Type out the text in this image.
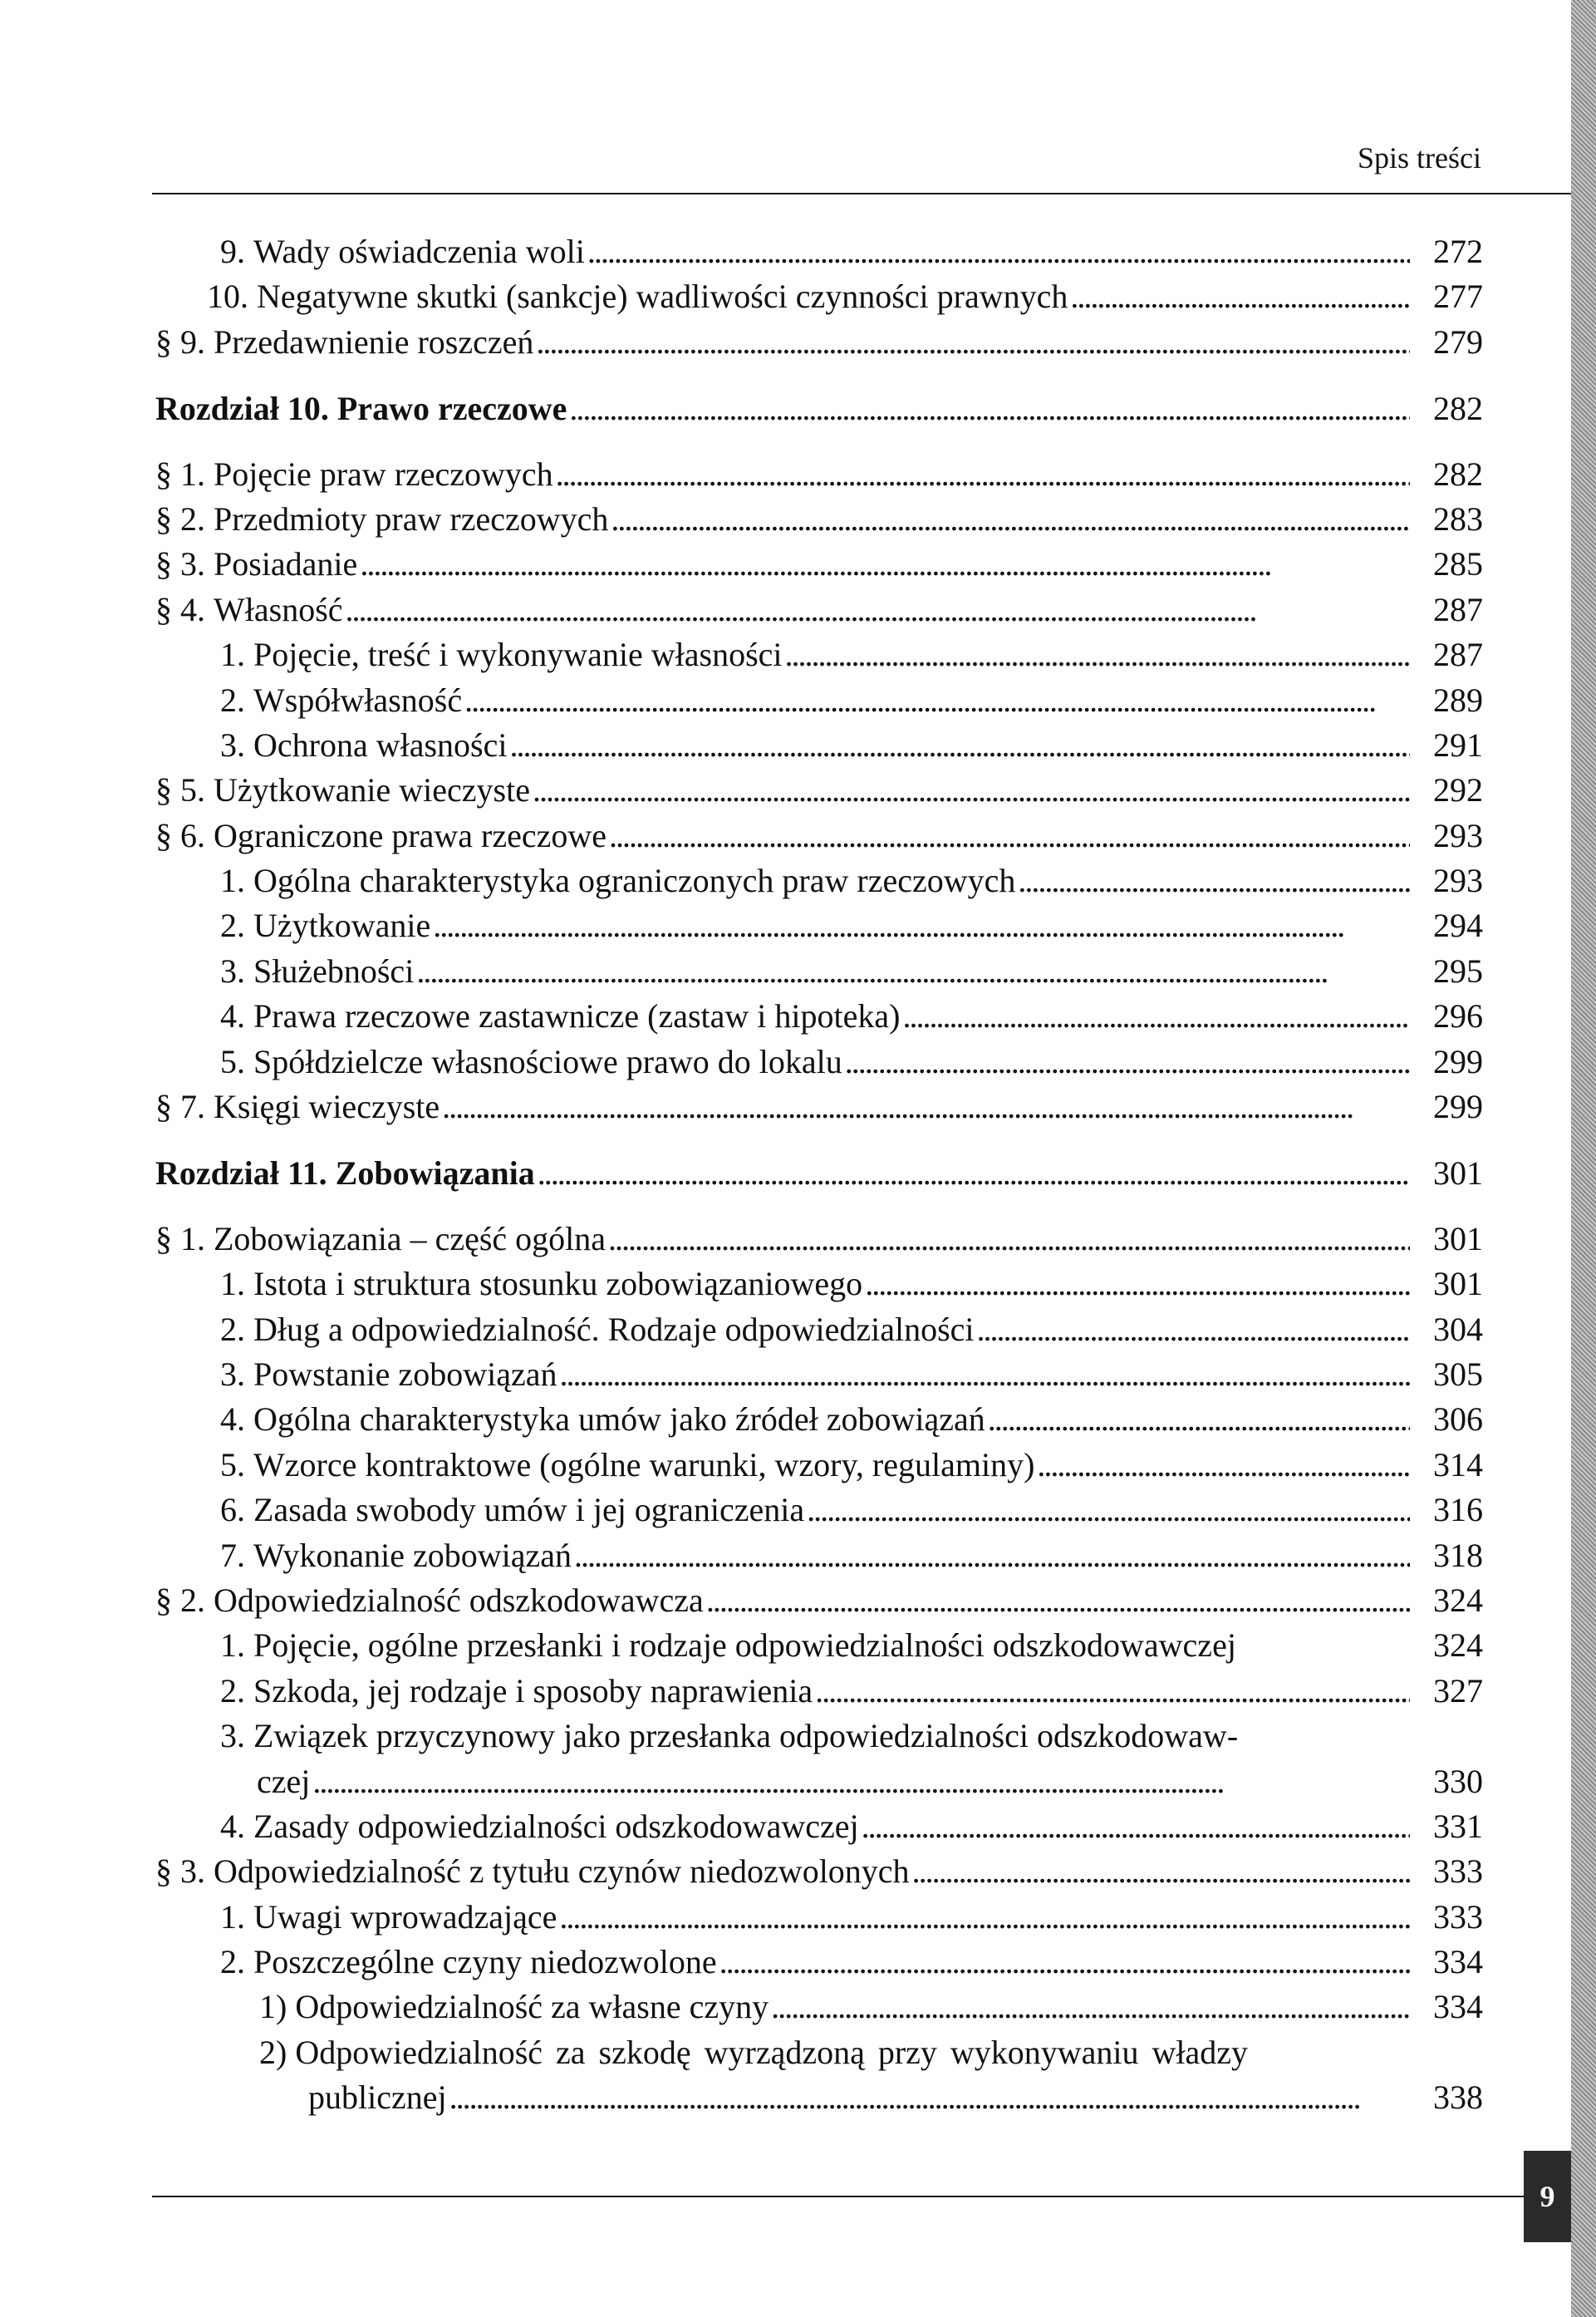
Spis treści
9. Wady oświadczenia woli . . .	272
10. Negatywne skutki (sankcje) wadliwości czynności prawnych . . .	277
§ 9. Przedawnienie roszczeń . . .	279
Rozdział 10. Prawo rzeczowe . . .	282
§ 1. Pojęcie praw rzeczowych . . .	282
§ 2. Przedmioty praw rzeczowych . . .	283
§ 3. Posiadanie . . .	285
§ 4. Własność . . .	287
1. Pojęcie, treść i wykonywanie własności . . .	287
2. Współwłasność . . .	289
3. Ochrona własności . . .	291
§ 5. Użytkowanie wieczyste . . .	292
§ 6. Ograniczone prawa rzeczowe . . .	293
1. Ogólna charakterystyka ograniczonych praw rzeczowych . . .	293
2. Użytkowanie . . .	294
3. Służebności . . .	295
4. Prawa rzeczowe zastawnicze (zastaw i hipoteka) . . .	296
5. Spółdzielcze własnościowe prawo do lokalu . . .	299
§ 7. Księgi wieczyste . . .	299
Rozdział 11. Zobowiązania . . .	301
§ 1. Zobowiązania – część ogólna . . .	301
1. Istota i struktura stosunku zobowiązaniowego . . .	301
2. Dług a odpowiedzialność. Rodzaje odpowiedzialności . . .	304
3. Powstanie zobowiązań . . .	305
4. Ogólna charakterystyka umów jako źródeł zobowiązań . . .	306
5. Wzorce kontraktowe (ogólne warunki, wzory, regulaminy) . . .	314
6. Zasada swobody umów i jej ograniczenia . . .	316
7. Wykonanie zobowiązań . . .	318
§ 2. Odpowiedzialność odszkodowawcza . . .	324
1. Pojęcie, ogólne przesłanki i rodzaje odpowiedzialności odszkodowawczej	324
2. Szkoda, jej rodzaje i sposoby naprawienia . . .	327
3. Związek przyczynowy jako przesłanka odpowiedzialności odszkodowaw-
czej . . .	330
4. Zasady odpowiedzialności odszkodowawczej . . .	331
§ 3. Odpowiedzialność z tytułu czynów niedozwolonych . . .	333
1. Uwagi wprowadzające . . .	333
2. Poszczególne czyny niedozwolone . . .	334
1) Odpowiedzialność za własne czyny . . .	334
2) Odpowiedzialność za szkodę wyrządzoną przy wykonywaniu władzy
publicznej . . .	338
9
